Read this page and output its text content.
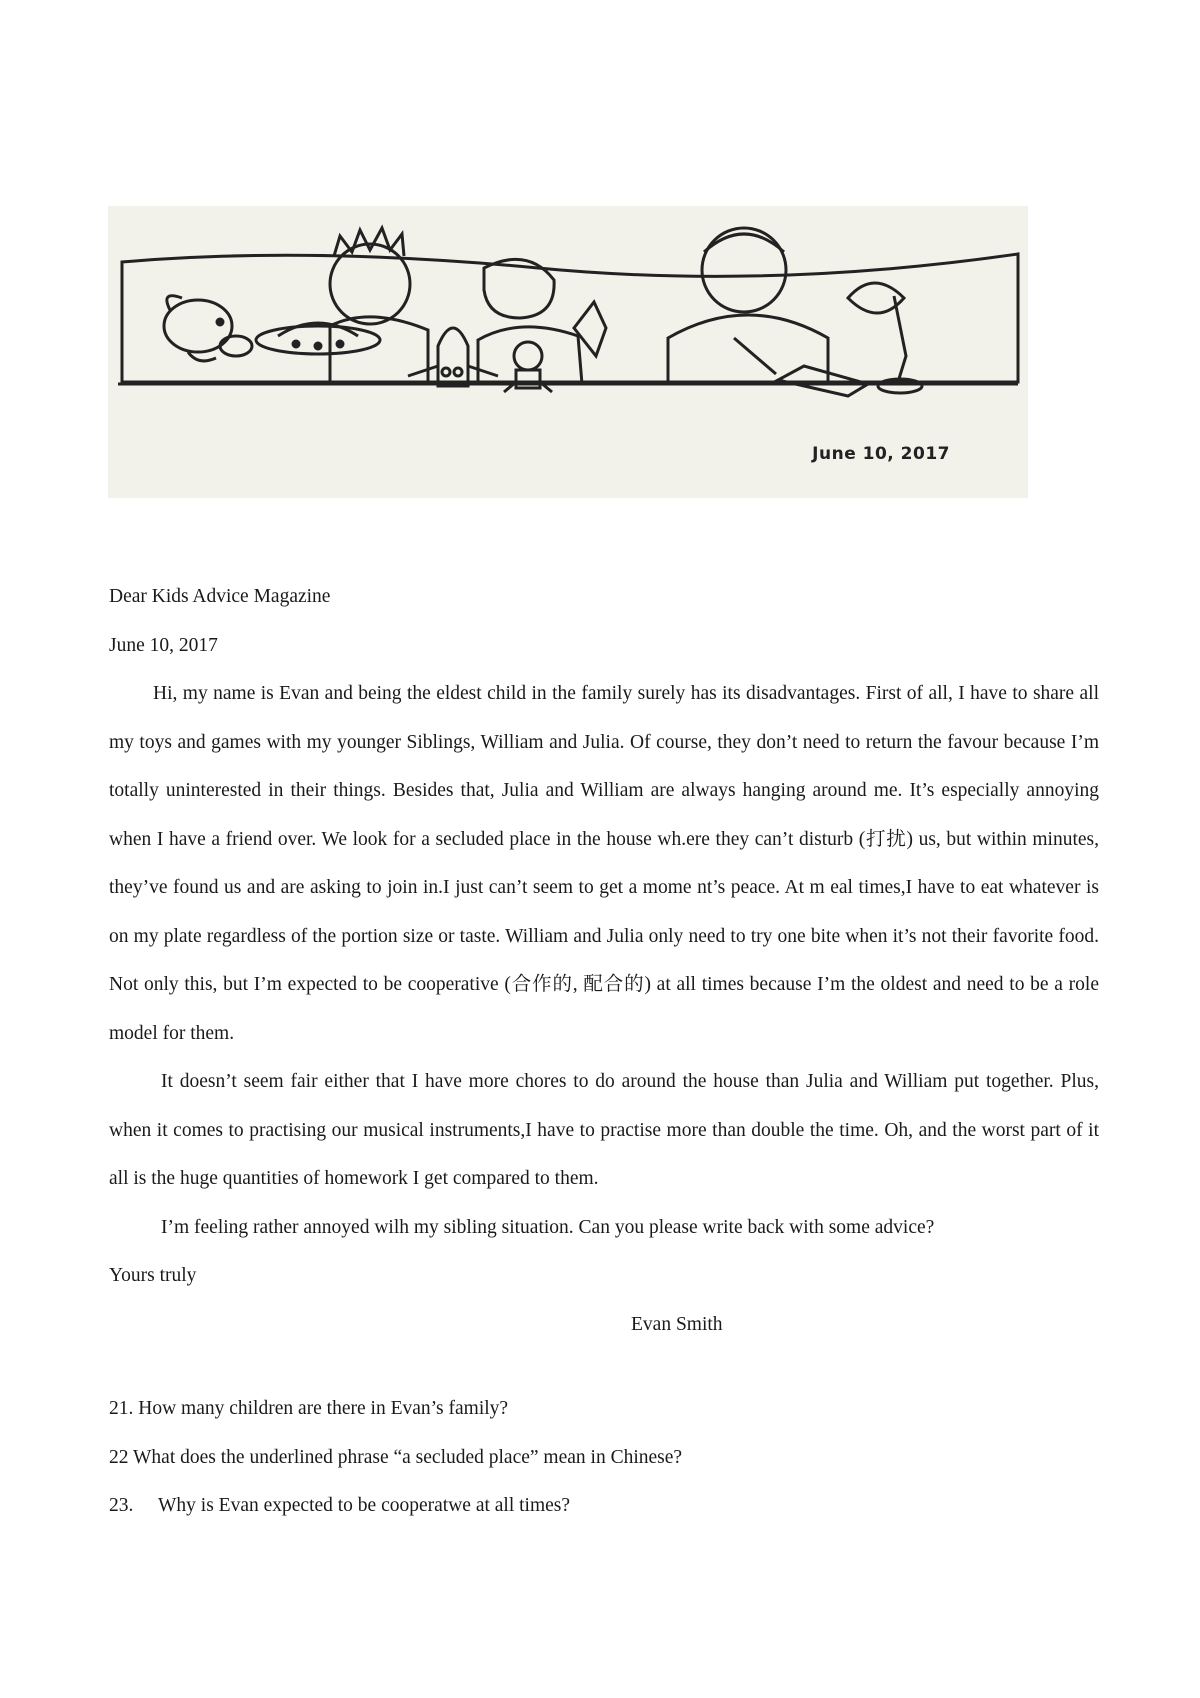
June 10, 2017

Dear Kids Advice Magazine

June 10, 2017

Hi, my name is Evan and being the eldest child in the family surely has its disadvantages. First of all, I have to share all my toys and games with my younger Siblings, William and Julia. Of course, they don’t need to return the favour because I’m totally uninterested in their things. Besides that, Julia and William are always hanging around me. It’s especially annoying when I have a friend over. We look for a secluded place in the house wh.ere they can’t disturb (打扰) us, but within minutes, they’ve found us and are asking to join in.I just can’t seem to get a mome nt’s peace. At m eal times,I have to eat whatever is on my plate regardless of the portion size or taste. William and Julia only need to try one bite when it’s not their favorite food. Not only this, but I’m expected to be cooperative (合作的, 配合的) at all times because I’m the oldest and need to be a role model for them.

It doesn’t seem fair either that I have more chores to do around the house than Julia and William put together. Plus, when it comes to practising our musical instruments,I have to practise more than double the time. Oh, and the worst part of it all is the huge quantities of homework I get compared to them.

I’m feeling rather annoyed wilh my sibling situation. Can you please write back with some advice?

Yours truly

Evan Smith

21. How many children are there in Evan’s family?

22 What does the underlined phrase “a secluded place” mean in Chinese?

23. Why is Evan expected to be cooperatwe at all times?
